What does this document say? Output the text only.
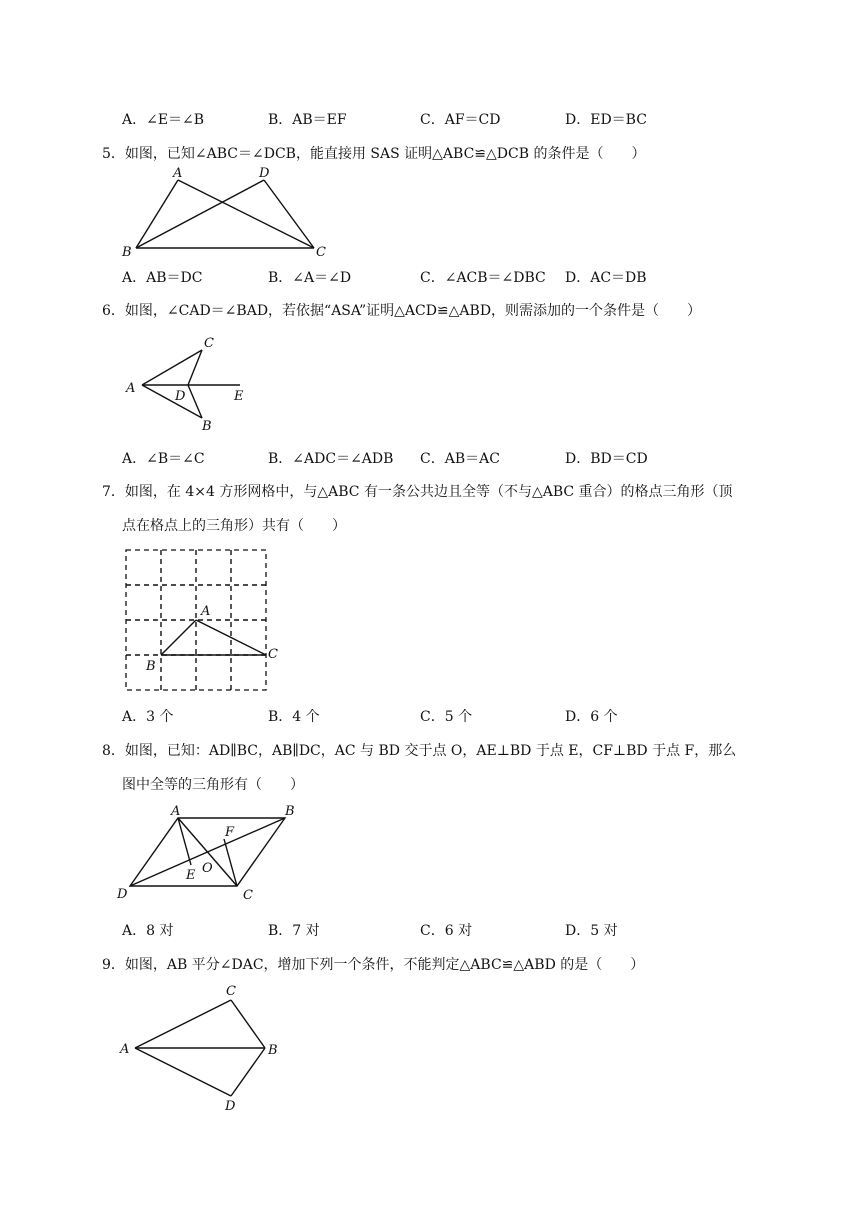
A．∠E＝∠B	B．AB＝EF	C．AF＝CD	D．ED＝BC
5．如图，已知∠ABC＝∠DCB，能直接用 SAS 证明△ABC≌△DCB 的条件是（　　）
A	D
B	C
A．AB＝DC	B．∠A＝∠D	C．∠ACB＝∠DBC D．AC＝DB
6．如图，∠CAD＝∠BAD，若依据“ASA”证明△ACD≌△ABD，则需添加的一个条件是（　　）
C
A
D	E
B
A．∠B＝∠C	B．∠ADC＝∠ADB C．AB＝AC	D．BD＝CD
7．如图，在 4×4 方形网格中，与△ABC 有一条公共边且全等（不与△ABC 重合）的格点三角形（顶
点在格点上的三角形）共有（　　）
A
B
C
A．3 个	B．4 个	C．5 个	D．6 个
8．如图，已知：AD∥BC，AB∥DC，AC 与 BD 交于点 O，AE⊥BD 于点 E，CF⊥BD 于点 F，那么
图中全等的三角形有（　　）
A	B
F
O
E
D	C
A．8 对	B．7 对	C．6 对	D．5 对
9．如图，AB 平分∠DAC，增加下列一个条件，不能判定△ABC≌△ABD 的是（　　）
C
A	B
D
